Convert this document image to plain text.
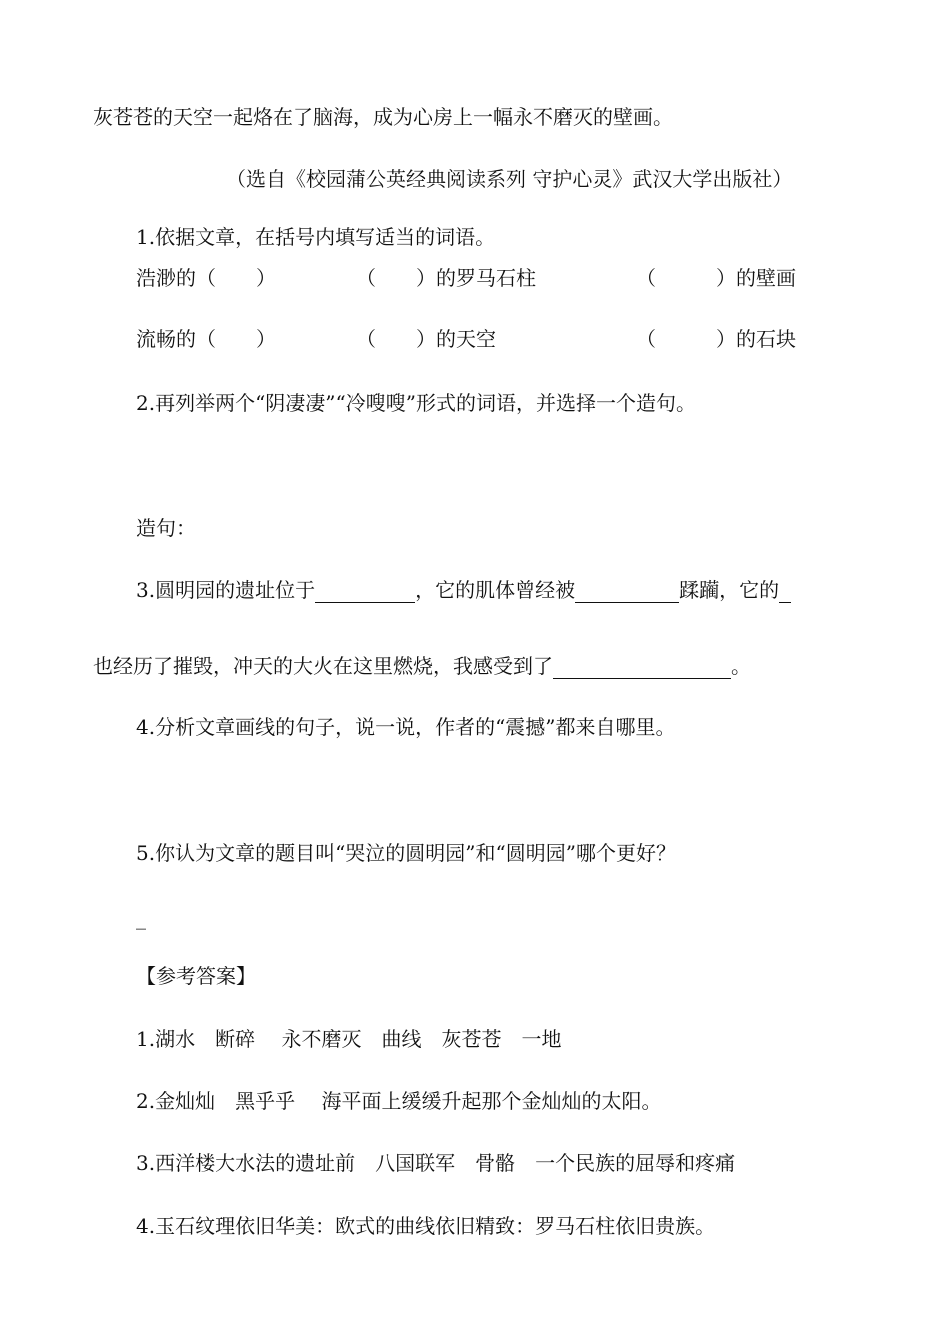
灰苍苍的天空一起烙在了脑海，成为心房上一幅永不磨灭的壁画。
（选自《校园蒲公英经典阅读系列 守护心灵》武汉大学出版社）
1.依据文章，在括号内填写适当的词语。
浩渺的（　　）	（　　）的罗马石柱	（　　　）的壁画
流畅的（　　）	（　　）的天空	（　　　）的石块
2.再列举两个“阴凄凄”“冷嗖嗖”形式的词语，并选择一个造句。
造句：
3.圆明园的遗址位于	，它的肌体曾经被	蹂躏，它的
也经历了摧毁，冲天的大火在这里燃烧，我感受到了	。
4.分析文章画线的句子，说一说，作者的“震撼”都来自哪里。
5.你认为文章的题目叫“哭泣的圆明园”和“圆明园”哪个更好？
_
【参考答案】
1.湖水　断碎　 永不磨灭　曲线　灰苍苍　一地
2.金灿灿　黑乎乎　 海平面上缓缓升起那个金灿灿的太阳。
3.西洋楼大水法的遗址前　八国联军　骨骼　一个民族的屈辱和疼痛
4.玉石纹理依旧华美：欧式的曲线依旧精致：罗马石柱依旧贵族。
